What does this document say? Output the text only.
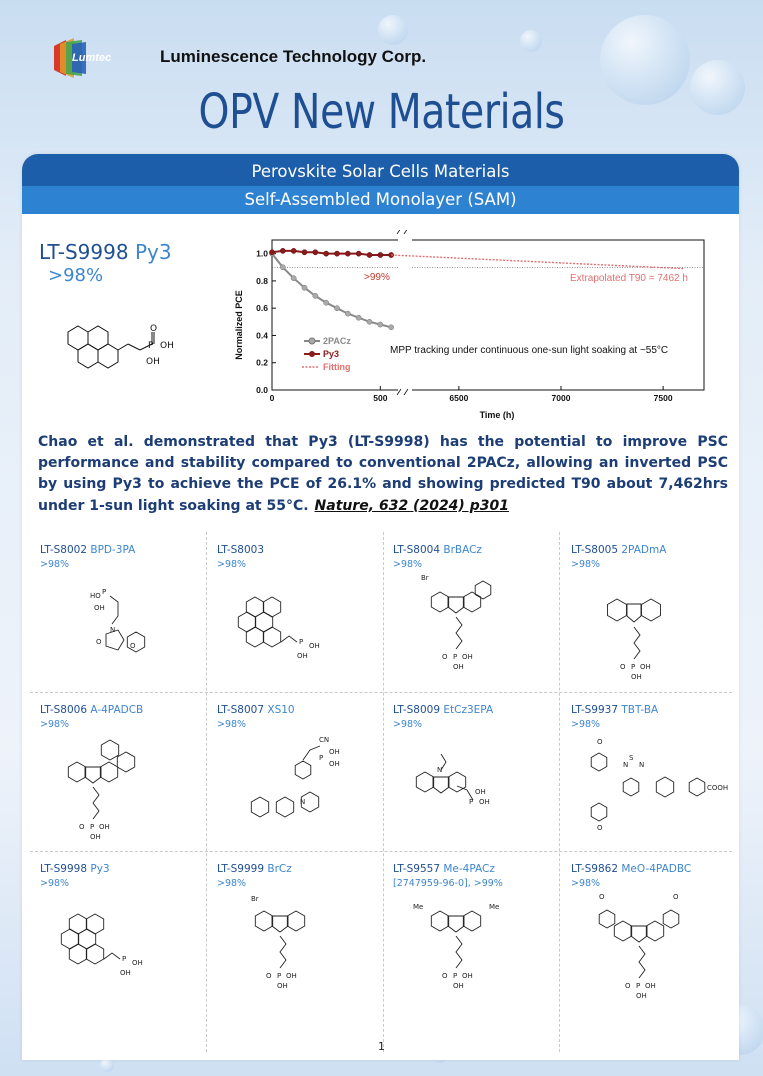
Lumtec	Luminescence Technology Corp.
OPV New Materials
Perovskite Solar Cells Materials
Self-Assembled Monolayer (SAM)
LT-S9998 Py3
>98%
P
O
OH
OH
0.0
0.2
0.4
0.6
0.8
1.0
0	500	6500	7000	7500
Normalized PCE
Time (h)
>99%	Extrapolated T90 = 7462 h
MPP tracking under continuous one-sun light soaking at ~55°C
2PACz
Py3
Fitting
Chao et al. demonstrated that Py3 (LT-S9998) has the potential to improve PSC performance and stability compared to conventional 2PACz, allowing an inverted PSC by using Py3 to achieve the PCE of 26.1% and showing predicted T90 about 7,462hrs under 1-sun light soaking at 55°C. Nature, 632 (2024) p301
LT-S8002 BPD-3PA
>98%
HO P
OH
N
O	O
LT-S8003
>98%
P OH
OH
LT-S8004 BrBACz
>98%
Br
P OH
O
OH
LT-S8005 2PADmA
>98%
P OH
O
OH
LT-S8006 A-4PADCB
>98%
P OH
O
OH
LT-S8007 XS10
>98%
CN
P
OH
OH
N
LT-S8009 EtCz3EPA
>98%
N
OH
P OH
LT-S9937 TBT-BA
>98%
N
S
N
COOH
O
O
LT-S9998 Py3
>98%
P OH
OH
LT-S9999 BrCz
>98%
Br
P OH
O
OH
LT-S9557 Me-4PACz
[2747959-96-0], >99%
Me	Me
P OH
O
OH
LT-S9862 MeO-4PADBC
>98%
O	O
P OH
O
OH
1
